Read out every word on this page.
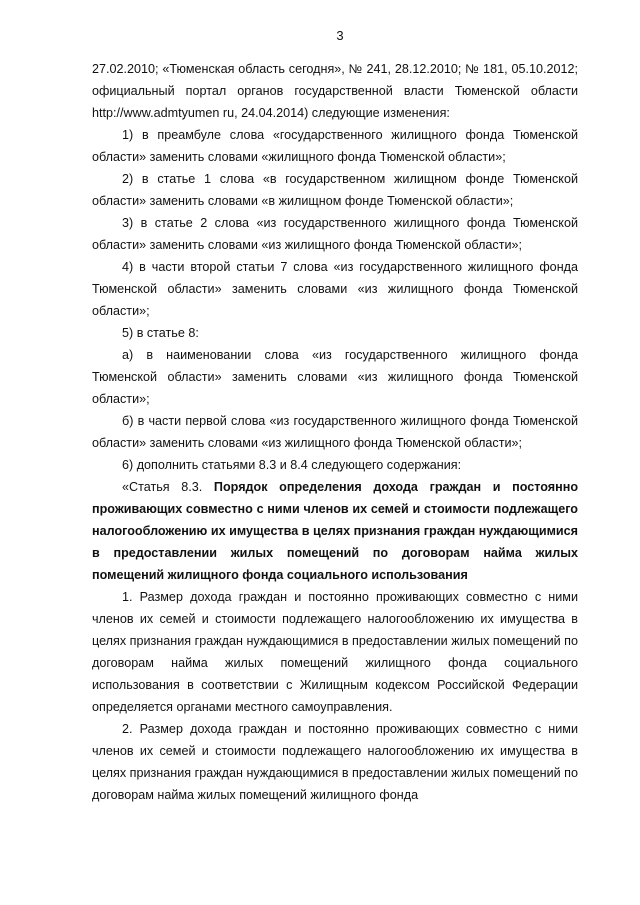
3

27.02.2010; «Тюменская область сегодня», № 241, 28.12.2010; № 181, 05.10.2012; официальный портал органов государственной власти Тюменской области http://www.admtyumen ru, 24.04.2014) следующие изменения:

1) в преамбуле слова «государственного жилищного фонда Тюменской области» заменить словами «жилищного фонда Тюменской области»;

2) в статье 1 слова «в государственном жилищном фонде Тюменской области» заменить словами «в жилищном фонде Тюменской области»;

3) в статье 2 слова «из государственного жилищного фонда Тюменской области» заменить словами «из жилищного фонда Тюменской области»;

4) в части второй статьи 7 слова «из государственного жилищного фонда Тюменской области» заменить словами «из жилищного фонда Тюменской области»;

5) в статье 8:

а) в наименовании слова «из государственного жилищного фонда Тюменской области» заменить словами «из жилищного фонда Тюменской области»;

б) в части первой слова «из государственного жилищного фонда Тюменской области» заменить словами «из жилищного фонда Тюменской области»;

6) дополнить статьями 8.3 и 8.4 следующего содержания:

«Статья 8.3. Порядок определения дохода граждан и постоянно проживающих совместно с ними членов их семей и стоимости подлежащего налогообложению их имущества в целях признания граждан нуждающимися в предоставлении жилых помещений по договорам найма жилых помещений жилищного фонда социального использования

1. Размер дохода граждан и постоянно проживающих совместно с ними членов их семей и стоимости подлежащего налогообложению их имущества в целях признания граждан нуждающимися в предоставлении жилых помещений по договорам найма жилых помещений жилищного фонда социального использования в соответствии с Жилищным кодексом Российской Федерации определяется органами местного самоуправления.

2. Размер дохода граждан и постоянно проживающих совместно с ними членов их семей и стоимости подлежащего налогообложению их имущества в целях признания граждан нуждающимися в предоставлении жилых помещений по договорам найма жилых помещений жилищного фонда
